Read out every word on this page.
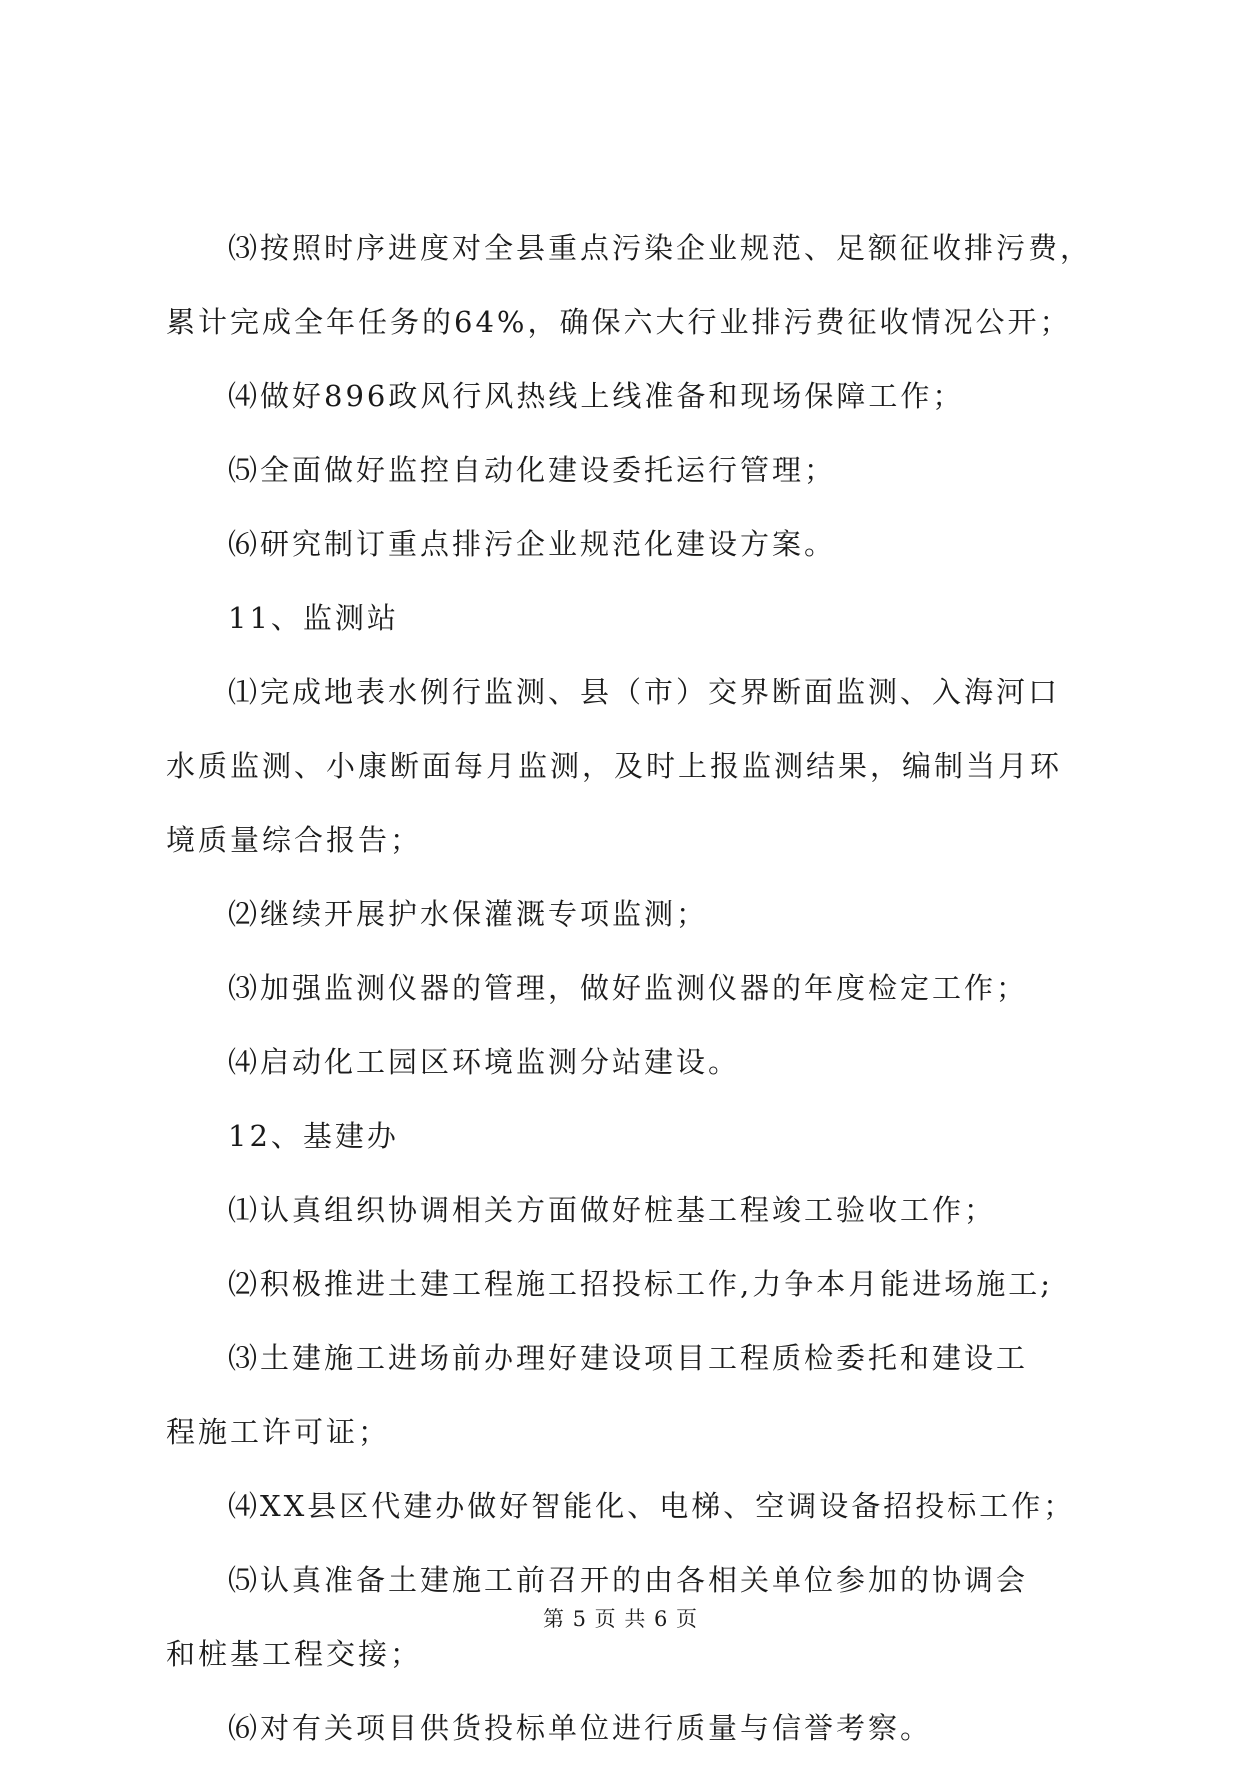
⑶按照时序进度对全县重点污染企业规范、足额征收排污费，
累计完成全年任务的64%，确保六大行业排污费征收情况公开；
⑷做好896政风行风热线上线准备和现场保障工作；
⑸全面做好监控自动化建设委托运行管理；
⑹研究制订重点排污企业规范化建设方案。
11、监测站
⑴完成地表水例行监测、县（市）交界断面监测、入海河口
水质监测、小康断面每月监测，及时上报监测结果，编制当月环
境质量综合报告；
⑵继续开展护水保灌溉专项监测；
⑶加强监测仪器的管理，做好监测仪器的年度检定工作；
⑷启动化工园区环境监测分站建设。
12、基建办
⑴认真组织协调相关方面做好桩基工程竣工验收工作；
⑵积极推进土建工程施工招投标工作,力争本月能进场施工;
⑶土建施工进场前办理好建设项目工程质检委托和建设工
程施工许可证；
⑷XX县区代建办做好智能化、电梯、空调设备招投标工作；
⑸认真准备土建施工前召开的由各相关单位参加的协调会
和桩基工程交接；
⑹对有关项目供货投标单位进行质量与信誉考察。
第 5 页 共 6 页
